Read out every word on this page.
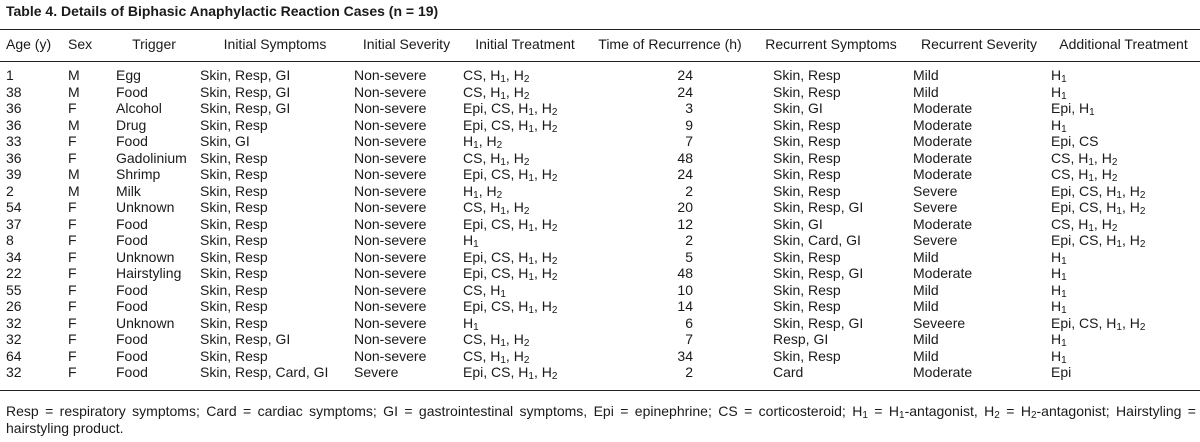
Table 4. Details of Biphasic Anaphylactic Reaction Cases (n = 19)
Age (y)	Sex	Trigger	Initial Symptoms	Initial Severity	Initial Treatment	Time of Recurrence (h)	Recurrent Symptoms	Recurrent Severity	Additional Treatment
1	M	Egg	Skin, Resp, GI	Non-severe	CS, $H_1$, $H_2$	24	Skin, Resp	Mild	$H_1$
38	M	Food	Skin, Resp, GI	Non-severe	CS, $H_1$, $H_2$	24	Skin, Resp	Mild	$H_1$
36	F	Alcohol	Skin, Resp, GI	Non-severe	Epi, CS, $H_1$, $H_2$	3	Skin, GI	Moderate	Epi, $H_1$
36	M	Drug	Skin, Resp	Non-severe	Epi, CS, $H_1$, $H_2$	9	Skin, Resp	Moderate	$H_1$
33	F	Food	Skin, GI	Non-severe	$H_1$, $H_2$	7	Skin, Resp	Moderate	Epi, CS
36	F	Gadolinium	Skin, Resp	Non-severe	CS, $H_1$, $H_2$	48	Skin, Resp	Moderate	CS, $H_1$, $H_2$
39	M	Shrimp	Skin, Resp	Non-severe	Epi, CS, $H_1$, $H_2$	24	Skin, Resp	Moderate	CS, $H_1$, $H_2$
2	M	Milk	Skin, Resp	Non-severe	$H_1$, $H_2$	2	Skin, Resp	Severe	Epi, CS, $H_1$, $H_2$
54	F	Unknown	Skin, Resp	Non-severe	CS, $H_1$, $H_2$	20	Skin, Resp, GI	Severe	Epi, CS, $H_1$, $H_2$
37	F	Food	Skin, Resp	Non-severe	Epi, CS, $H_1$, $H_2$	12	Skin, GI	Moderate	CS, $H_1$, $H_2$
8	F	Food	Skin, Resp	Non-severe	$H_1$	2	Skin, Card, GI	Severe	Epi, CS, $H_1$, $H_2$
34	F	Unknown	Skin, Resp	Non-severe	Epi, CS, $H_1$, $H_2$	5	Skin, Resp	Mild	$H_1$
22	F	Hairstyling	Skin, Resp	Non-severe	Epi, CS, $H_1$, $H_2$	48	Skin, Resp, GI	Moderate	$H_1$
55	F	Food	Skin, Resp	Non-severe	CS, $H_1$	10	Skin, Resp	Mild	$H_1$
26	F	Food	Skin, Resp	Non-severe	Epi, CS, $H_1$, $H_2$	14	Skin, Resp	Mild	$H_1$
32	F	Unknown	Skin, Resp	Non-severe	$H_1$	6	Skin, Resp, GI	Seveere	Epi, CS, $H_1$, $H_2$
32	F	Food	Skin, Resp, GI	Non-severe	CS, $H_1$, $H_2$	7	Resp, GI	Mild	$H_1$
64	F	Food	Skin, Resp	Non-severe	CS, $H_1$, $H_2$	34	Skin, Resp	Mild	$H_1$
32	F	Food	Skin, Resp, Card, GI	Severe	Epi, CS, $H_1$, $H_2$	2	Card	Moderate	Epi
Resp = respiratory symptoms; Card = cardiac symptoms; GI = gastrointestinal symptoms, Epi = epinephrine; CS = corticosteroid; $H_1$ = $H_1$-antagonist, $H_2$ = $H_2$-antagonist; Hairstyling = hairstyling product.
